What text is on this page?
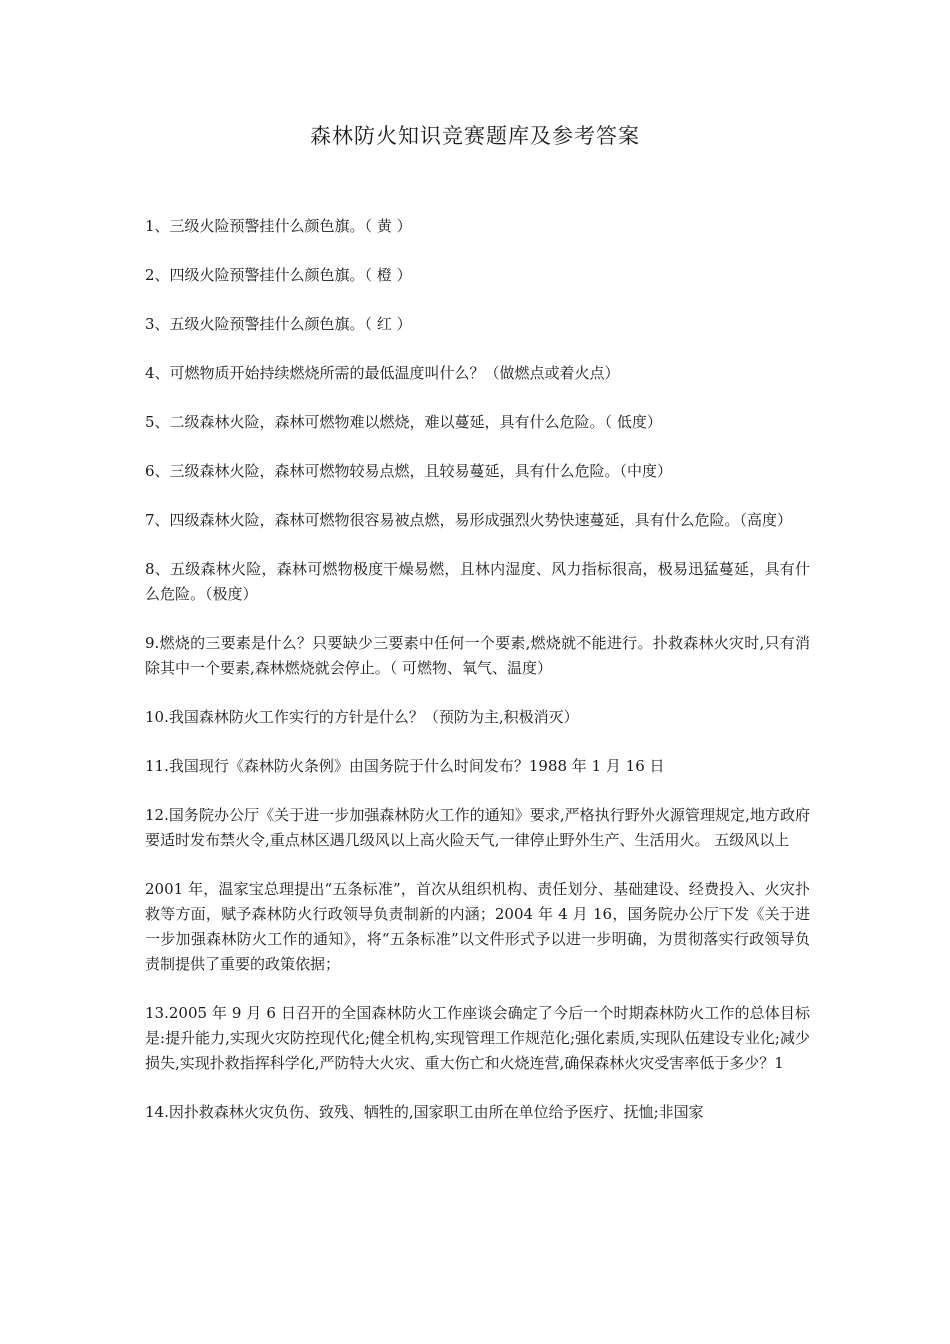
森林防火知识竞赛题库及参考答案

1、三级火险预警挂什么颜色旗。（ 黄 ）

2、四级火险预警挂什么颜色旗。（ 橙 ）

3、五级火险预警挂什么颜色旗。（ 红 ）

4、可燃物质开始持续燃烧所需的最低温度叫什么？（做燃点或着火点）

5、二级森林火险，森林可燃物难以燃烧，难以蔓延，具有什么危险。（ 低度）

6、三级森林火险，森林可燃物较易点燃，且较易蔓延，具有什么危险。（中度）

7、四级森林火险，森林可燃物很容易被点燃，易形成强烈火势快速蔓延，具有什么危险。（高度）

8、五级森林火险，森林可燃物极度干燥易燃，且林内湿度、风力指标很高，极易迅猛蔓延，具有什么危险。（极度）

9.燃烧的三要素是什么？只要缺少三要素中任何一个要素,燃烧就不能进行。扑救森林火灾时,只有消除其中一个要素,森林燃烧就会停止。（ 可燃物、氧气、温度）

10.我国森林防火工作实行的方针是什么？（预防为主,积极消灭）

11.我国现行《森林防火条例》由国务院于什么时间发布？1988 年 1 月 16 日

12.国务院办公厅《关于进一步加强森林防火工作的通知》要求,严格执行野外火源管理规定,地方政府要适时发布禁火令,重点林区遇几级风以上高火险天气,一律停止野外生产、生活用火。 五级风以上

2001 年，温家宝总理提出“五条标准”，首次从组织机构、责任划分、基础建设、经费投入、火灾扑救等方面，赋予森林防火行政领导负责制新的内涵；2004 年 4 月 16，国务院办公厅下发《关于进一步加强森林防火工作的通知》，将“五条标准”以文件形式予以进一步明确，为贯彻落实行政领导负责制提供了重要的政策依据；

13.2005 年 9 月 6 日召开的全国森林防火工作座谈会确定了今后一个时期森林防火工作的总体目标是:提升能力,实现火灾防控现代化;健全机构,实现管理工作规范化;强化素质,实现队伍建设专业化;减少损失,实现扑救指挥科学化,严防特大火灾、重大伤亡和火烧连营,确保森林火灾受害率低于多少？1

14.因扑救森林火灾负伤、致残、牺牲的,国家职工由所在单位给予医疗、抚恤;非国家
